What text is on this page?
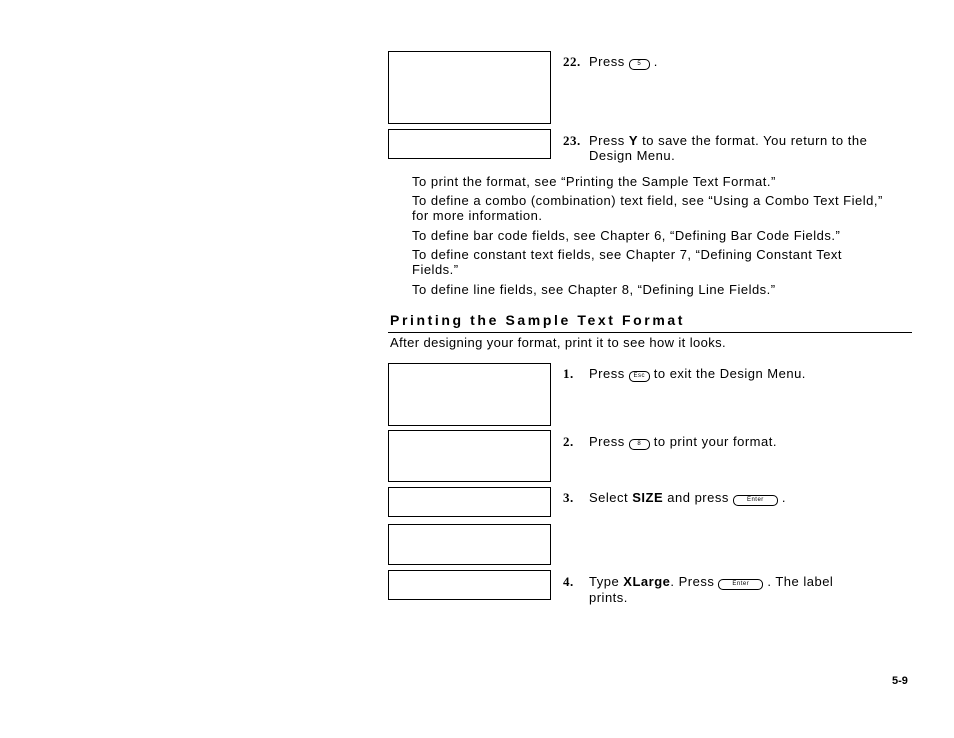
22. Press 5 .
23. Press Y to save the format. You return to the
Design Menu.
To print the format, see “Printing the Sample Text Format.”
To define a combo (combination) text field, see “Using a Combo Text Field,” for more information.
To define bar code fields, see Chapter 6, “Defining Bar Code Fields.”
To define constant text fields, see Chapter 7, “Defining Constant Text Fields.”
To define line fields, see Chapter 8, “Defining Line Fields.”
Printing the Sample Text Format
After designing your format, print it to see how it looks.
1. Press Esc to exit the Design Menu.
2. Press 8 to print your format.
3. Select SIZE and press	Enter .
4. Type XLarge. Press	Enter . The label
prints.
5-9
